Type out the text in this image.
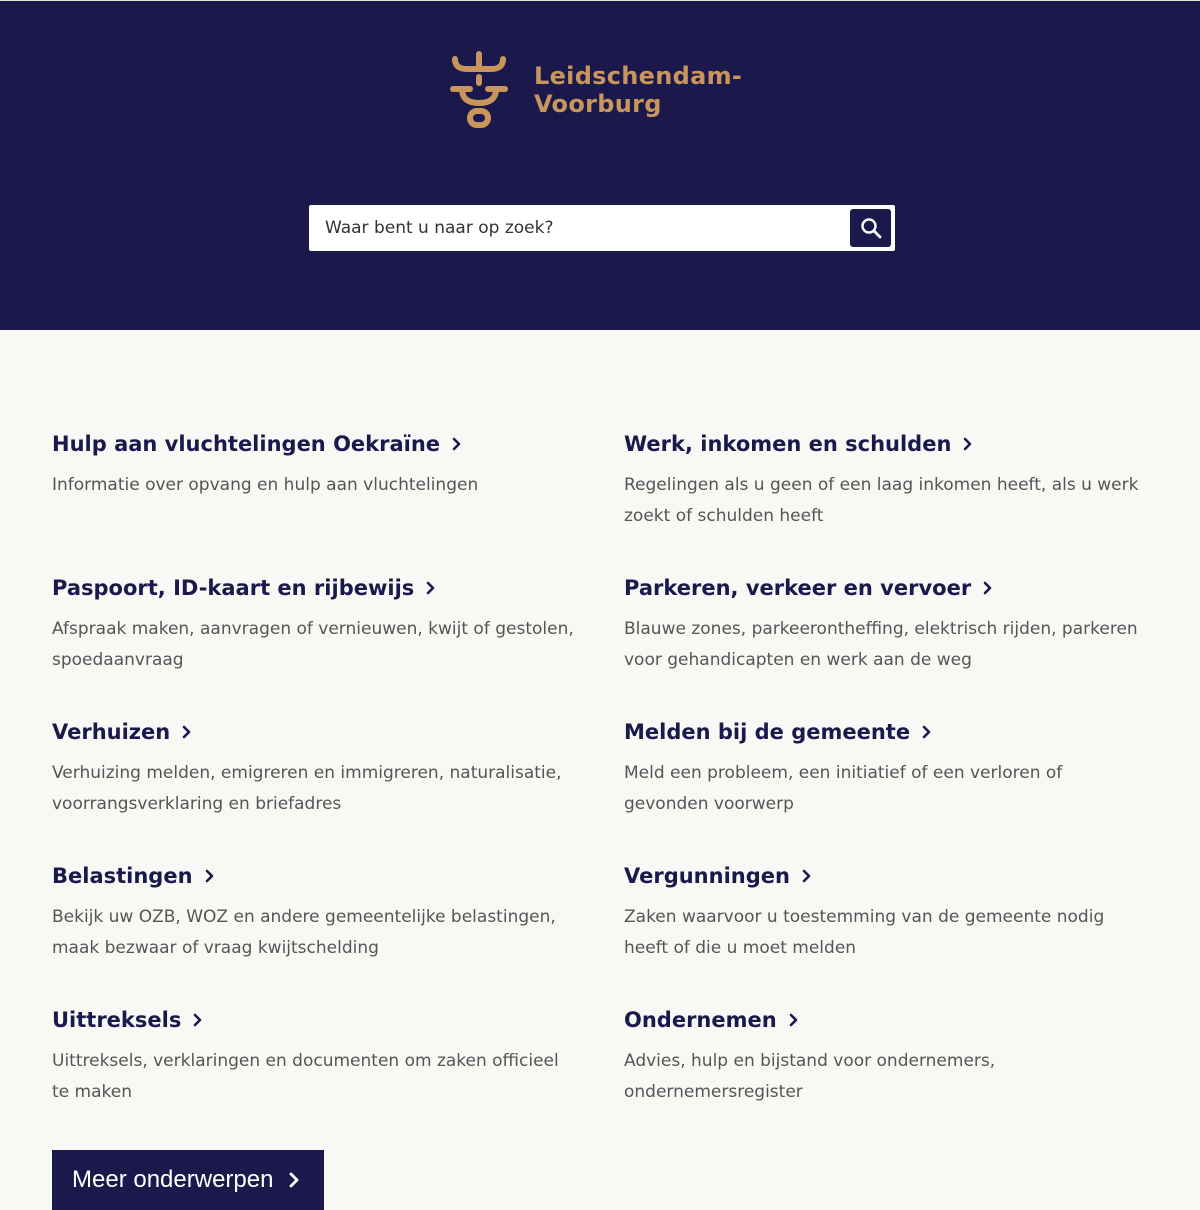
Leidschendam-
Voorburg
Waar bent u naar op zoek?
Hulp aan vluchtelingen Oekraïne
Informatie over opvang en hulp aan vluchtelingen
Werk, inkomen en schulden
Regelingen als u geen of een laag inkomen heeft, als u werk zoekt of schulden heeft
Paspoort, ID-kaart en rijbewijs
Afspraak maken, aanvragen of vernieuwen, kwijt of gestolen, spoedaanvraag
Parkeren, verkeer en vervoer
Blauwe zones, parkeerontheffing, elektrisch rijden, parkeren voor gehandicapten en werk aan de weg
Verhuizen
Verhuizing melden, emigreren en immigreren, naturalisatie, voorrangsverklaring en briefadres
Melden bij de gemeente
Meld een probleem, een initiatief of een verloren of gevonden voorwerp
Belastingen
Bekijk uw OZB, WOZ en andere gemeentelijke belastingen, maak bezwaar of vraag kwijtschelding
Vergunningen
Zaken waarvoor u toestemming van de gemeente nodig heeft of die u moet melden
Uittreksels
Uittreksels, verklaringen en documenten om zaken officieel te maken
Ondernemen
Advies, hulp en bijstand voor ondernemers, ondernemersregister
Meer onderwerpen
